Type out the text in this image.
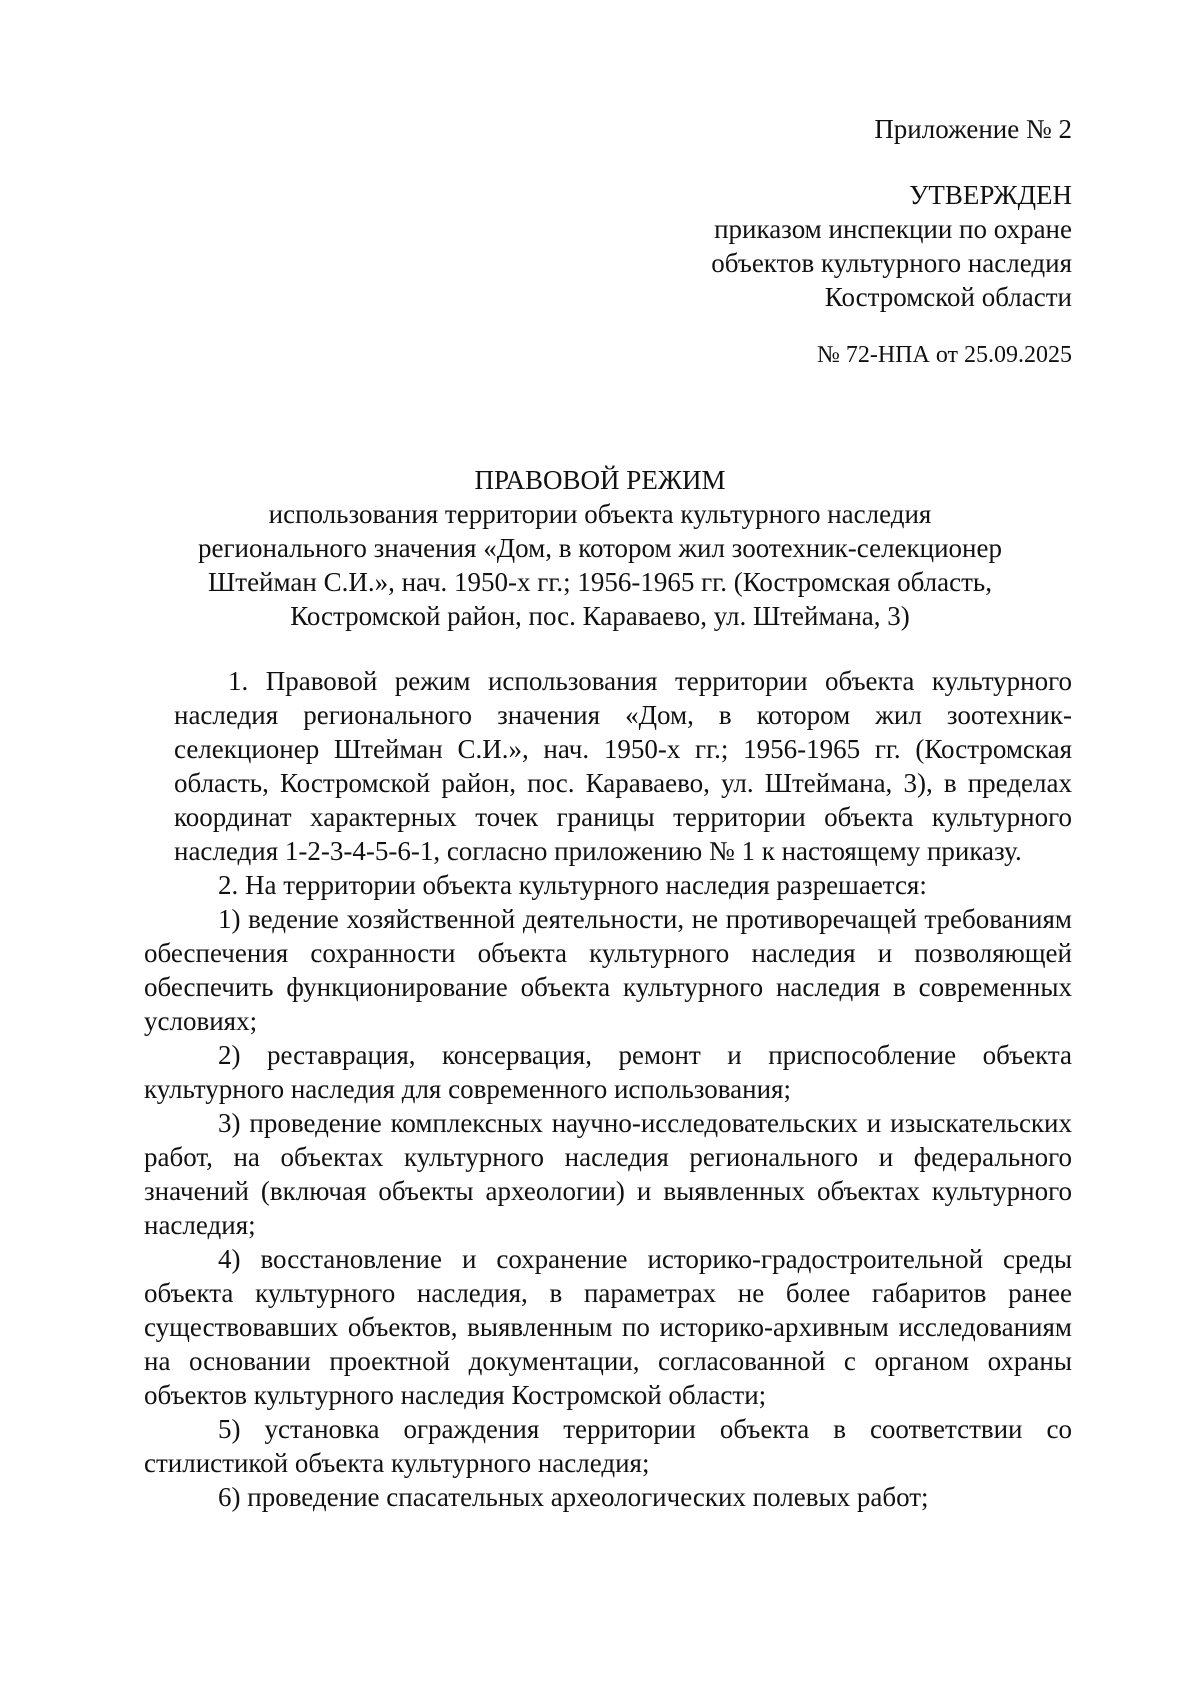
Приложение № 2
УТВЕРЖДЕН
приказом инспекции по охране
объектов культурного наследия
Костромской области
№ 72-НПА от 25.09.2025
ПРАВОВОЙ РЕЖИМ
использования территории объекта культурного наследия
регионального значения «Дом, в котором жил зоотехник-селекционер
Штейман С.И.», нач. 1950-х гг.; 1956-1965 гг. (Костромская область,
Костромской район, пос. Караваево, ул. Штеймана, 3)

1. Правовой режим использования территории объекта культурного наследия регионального значения «Дом, в котором жил зоотехник-селекционер Штейман С.И.», нач. 1950-х гг.; 1956-1965 гг. (Костромская область, Костромской район, пос. Караваево, ул. Штеймана, 3), в пределах координат характерных точек границы территории объекта культурного наследия 1-2-3-4-5-6-1, согласно приложению № 1 к настоящему приказу.

2. На территории объекта культурного наследия разрешается:

1) ведение хозяйственной деятельности, не противоречащей требованиям обеспечения сохранности объекта культурного наследия и позволяющей обеспечить функционирование объекта культурного наследия в современных условиях;

2) реставрация, консервация, ремонт и приспособление объекта культурного наследия для современного использования;

3) проведение комплексных научно-исследовательских и изыскательских работ, на объектах культурного наследия регионального и федерального значений (включая объекты археологии) и выявленных объектах культурного наследия;

4) восстановление и сохранение историко-градостроительной среды объекта культурного наследия, в параметрах не более габаритов ранее существовавших объектов, выявленным по историко-архивным исследованиям на основании проектной документации, согласованной с органом охраны объектов культурного наследия Костромской области;

5) установка ограждения территории объекта в соответствии со стилистикой объекта культурного наследия;

6) проведение спасательных археологических полевых работ;
